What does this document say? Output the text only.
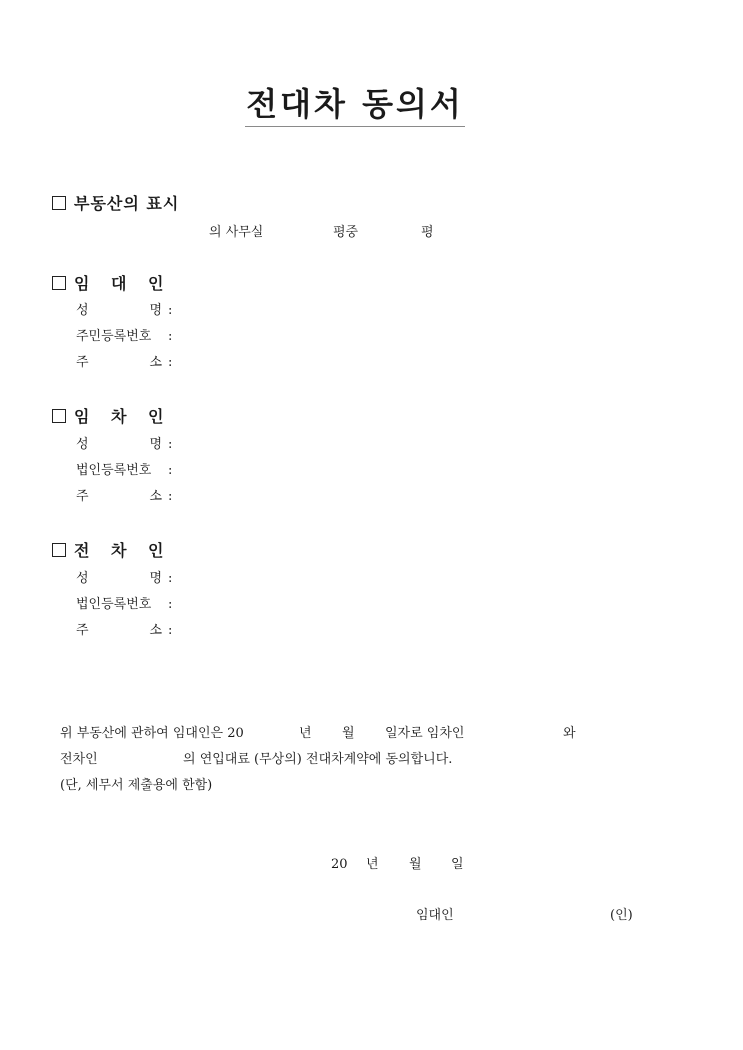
전대차 동의서
부동산의 표시
의 사무실	평중	평
임 대 인
성	명 :
주민등록번호 :
주	소 :
임 차 인
성	명 :
법인등록번호 :
주	소 :
전 차 인
성	명 :
법인등록번호 :
주	소 :
위 부동산에 관하여 임대인은 20	년 월 일자로 임차인	와
전차인	의 연입대료 (무상의) 전대차계약에 동의합니다.
(단, 세무서 제출용에 한함)
20 년 월 일
임대인	(인)
